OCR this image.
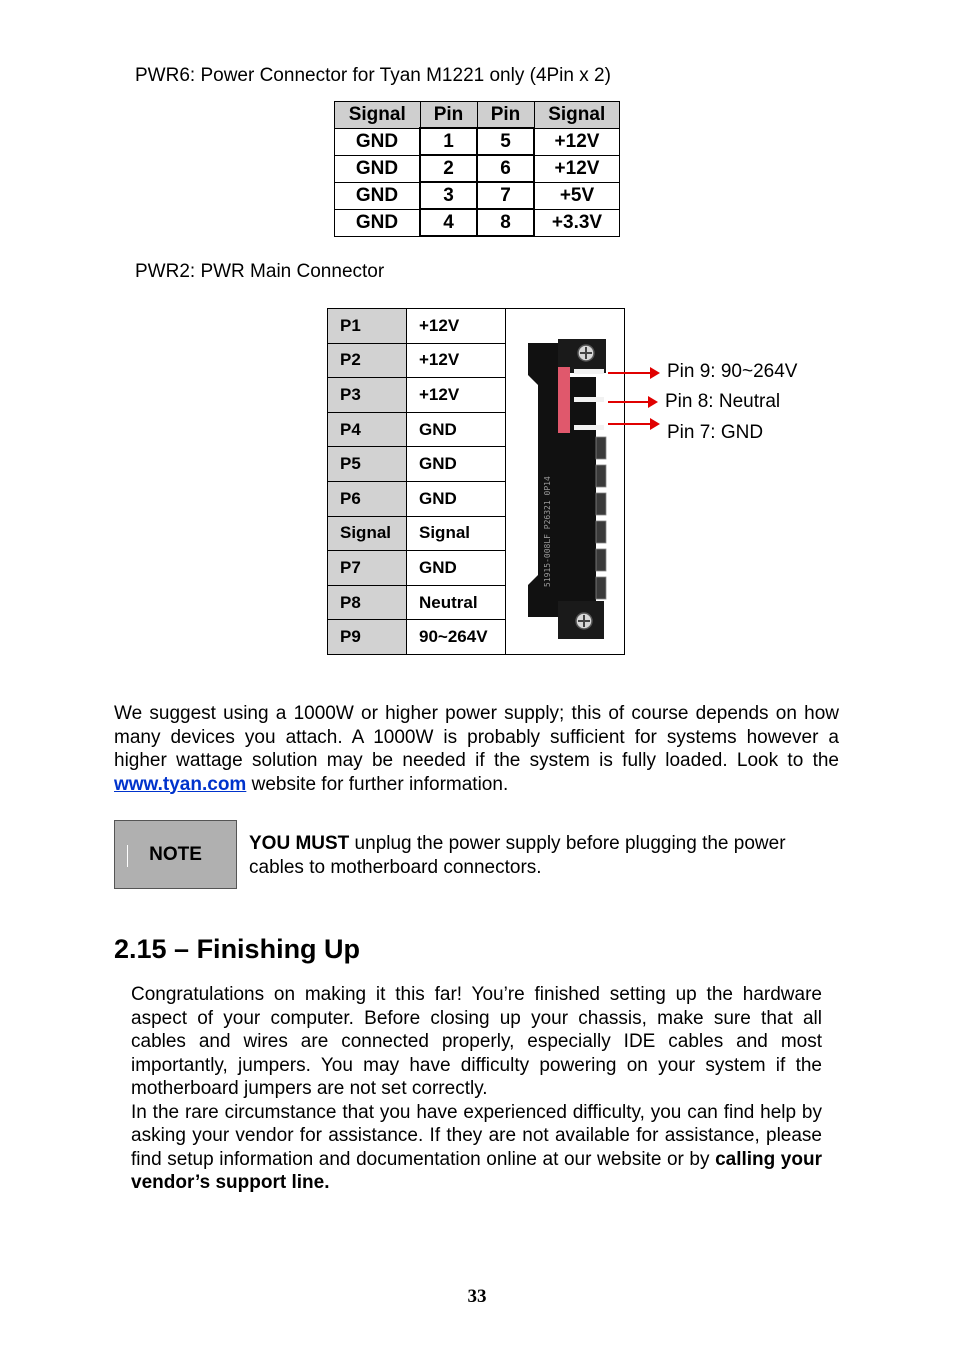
PWR6: Power Connector for Tyan M1221 only (4Pin x 2)
Signal	Pin	Pin	Signal
GND	1	5	+12V
GND	2	6	+12V
GND	3	7	+5V
GND	4	8	+3.3V
PWR2: PWR Main Connector
P1	+12V
P2	+12V
P3	+12V
P4	GND
P5	GND
P6	GND
Signal	Signal
P7	GND
P8	Neutral
P9	90~264V
51915-008LF P26321 0P14
Pin 9: 90~264V
Pin 8: Neutral
Pin 7: GND

We suggest using a 1000W or higher power supply; this of course depends on how many devices you attach. A 1000W is probably sufficient for systems however a higher wattage solution may be needed if the system is fully loaded. Look to the www.tyan.com website for further information.

NOTE YOU MUST unplug the power supply before plugging the power cables to motherboard connectors.

2.15 – Finishing Up

Congratulations on making it this far! You’re finished setting up the hardware aspect of your computer. Before closing up your chassis, make sure that all cables and wires are connected properly, especially IDE cables and most importantly, jumpers. You may have difficulty powering on your system if the motherboard jumpers are not set correctly.

In the rare circumstance that you have experienced difficulty, you can find help by asking your vendor for assistance. If they are not available for assistance, please find setup information and documentation online at our website or by calling your vendor’s support line.

33
